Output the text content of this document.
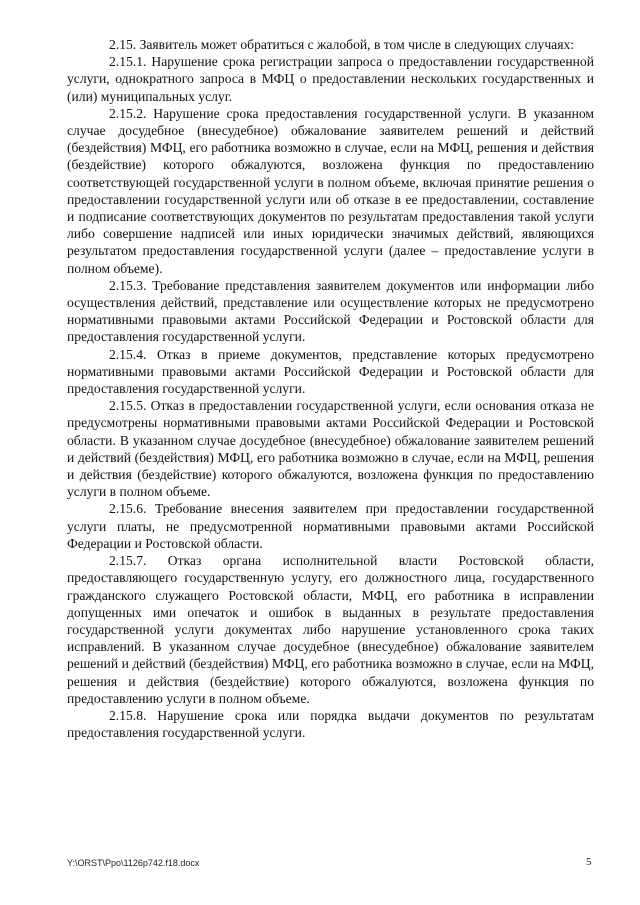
2.15. Заявитель может обратиться с жалобой, в том числе в следующих случаях:

2.15.1. Нарушение срока регистрации запроса о предоставлении государственной услуги, однократного запроса в МФЦ о предоставлении нескольких государственных и (или) муниципальных услуг.

2.15.2. Нарушение срока предоставления государственной услуги. В указанном случае досудебное (внесудебное) обжалование заявителем решений и действий (бездействия) МФЦ, его работника возможно в случае, если на МФЦ, решения и действия (бездействие) которого обжалуются, возложена функция по предоставлению соответствующей государственной услуги в полном объеме, включая принятие решения о предоставлении государственной услуги или об отказе в ее предоставлении, составление и подписание соответствующих документов по результатам предоставления такой услуги либо совершение надписей или иных юридически значимых действий, являющихся результатом предоставления государственной услуги (далее – предоставление услуги в полном объеме).

2.15.3. Требование представления заявителем документов или информации либо осуществления действий, представление или осуществление которых не предусмотрено нормативными правовыми актами Российской Федерации и Ростовской области для предоставления государственной услуги.

2.15.4. Отказ в приеме документов, представление которых предусмотрено нормативными правовыми актами Российской Федерации и Ростовской области для предоставления государственной услуги.

2.15.5. Отказ в предоставлении государственной услуги, если основания отказа не предусмотрены нормативными правовыми актами Российской Федерации и Ростовской области. В указанном случае досудебное (внесудебное) обжалование заявителем решений и действий (бездействия) МФЦ, его работника возможно в случае, если на МФЦ, решения и действия (бездействие) которого обжалуются, возложена функция по предоставлению услуги в полном объеме.

2.15.6. Требование внесения заявителем при предоставлении государственной услуги платы, не предусмотренной нормативными правовыми актами Российской Федерации и Ростовской области.

2.15.7. Отказ органа исполнительной власти Ростовской области, предоставляющего государственную услугу, его должностного лица, государственного гражданского служащего Ростовской области, МФЦ, его работника в исправлении допущенных ими опечаток и ошибок в выданных в результате предоставления государственной услуги документах либо нарушение установленного срока таких исправлений. В указанном случае досудебное (внесудебное) обжалование заявителем решений и действий (бездействия) МФЦ, его работника возможно в случае, если на МФЦ, решения и действия (бездействие) которого обжалуются, возложена функция по предоставлению услуги в полном объеме.

2.15.8. Нарушение срока или порядка выдачи документов по результатам предоставления государственной услуги.

Y:\ORST\Ppo\1126p742.f18.docx	5
